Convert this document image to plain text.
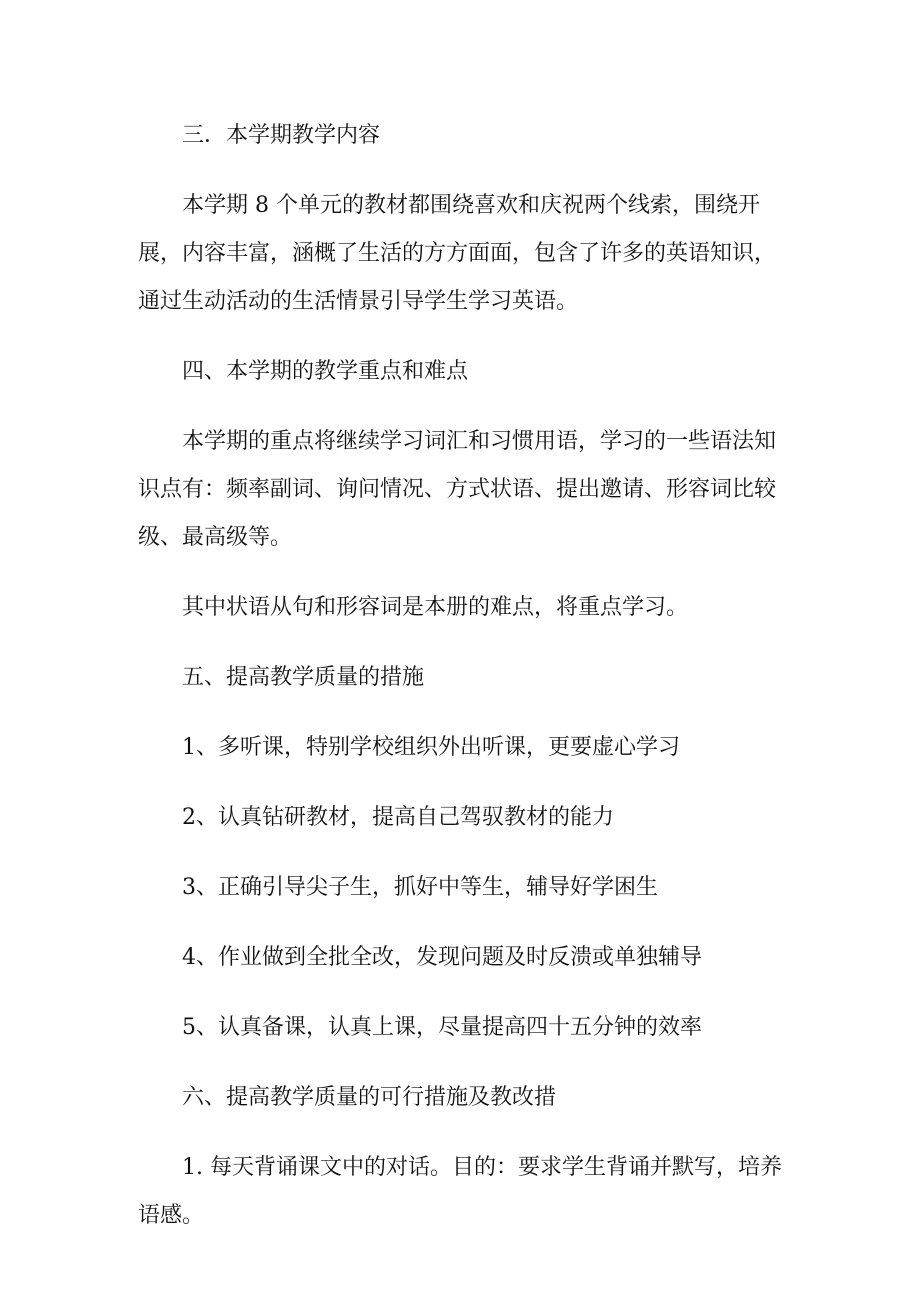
三．本学期教学内容

本学期 8 个单元的教材都围绕喜欢和庆祝两个线索，围绕开展，内容丰富，涵概了生活的方方面面，包含了许多的英语知识，通过生动活动的生活情景引导学生学习英语。

四、本学期的教学重点和难点

本学期的重点将继续学习词汇和习惯用语，学习的一些语法知识点有：频率副词、询问情况、方式状语、提出邀请、形容词比较级、最高级等。

其中状语从句和形容词是本册的难点，将重点学习。

五、提高教学质量的措施

1、多听课，特别学校组织外出听课，更要虚心学习

2、认真钻研教材，提高自己驾驭教材的能力

3、正确引导尖子生，抓好中等生，辅导好学困生

4、作业做到全批全改，发现问题及时反溃或单独辅导

5、认真备课，认真上课，尽量提高四十五分钟的效率

六、提高教学质量的可行措施及教改措

1. 每天背诵课文中的对话。目的：要求学生背诵并默写，培养语感。
